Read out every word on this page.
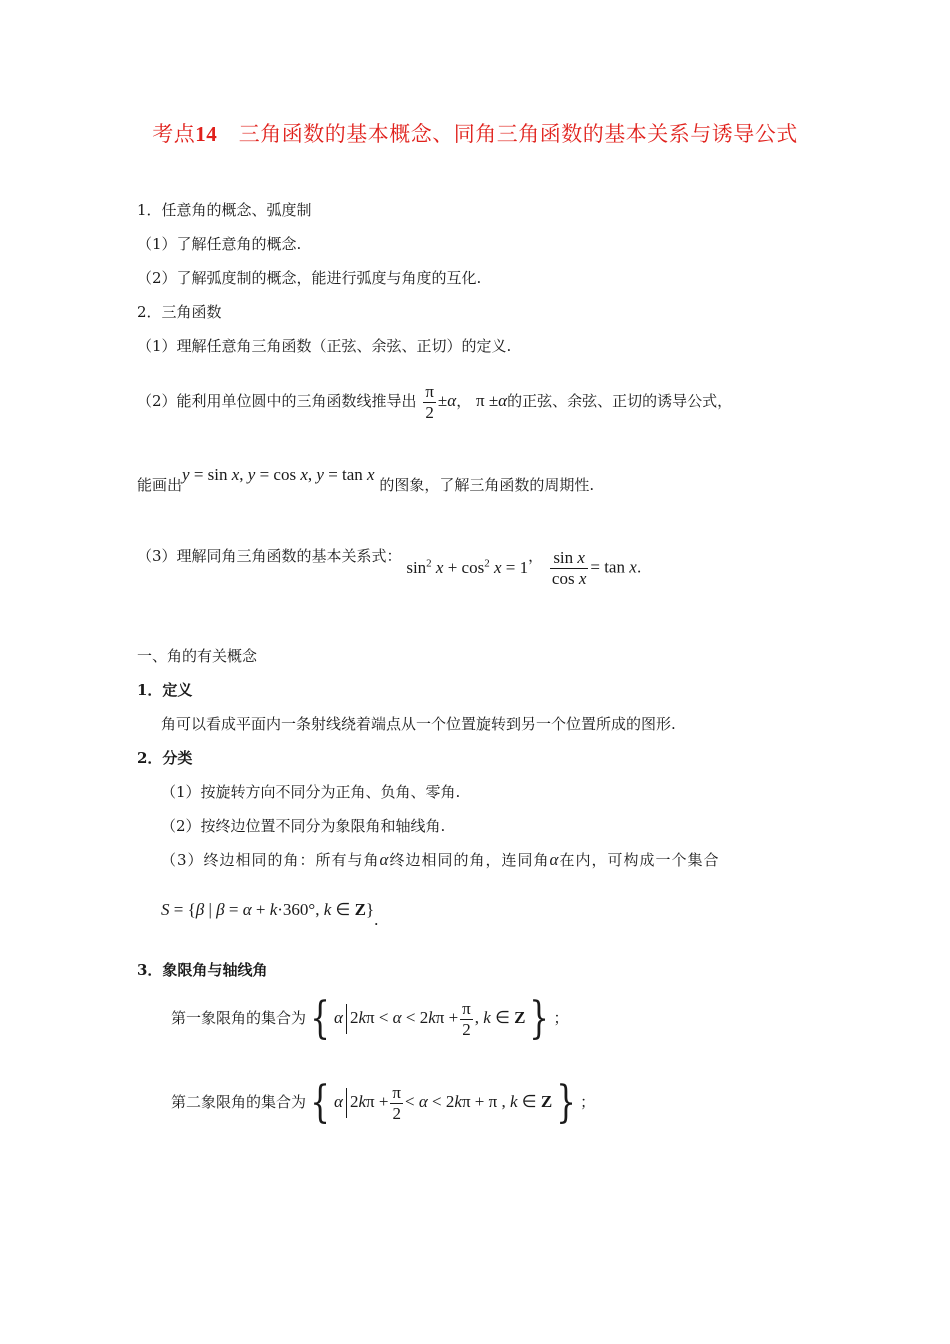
考点14 三角函数的基本概念、同角三角函数的基本关系与诱导公式
1．任意角的概念、弧度制
（1）了解任意角的概念.
（2）了解弧度制的概念，能进行弧度与角度的互化.
2．三角函数
（1）理解任意角三角函数（正弦、余弦、正切）的定义.
（2）能利用单位圆中的三角函数线推导出 $\frac{\pi}{2} \pm\alpha$， π ±α的正弦、余弦、正切的诱导公式，
能画出y = sin x, y = cos x, y = tan x 的图象，了解三角函数的周期性.
（3）理解同角三角函数的基本关系式： $\sin^2 x + \cos^2 x = 1$， $\frac{\text{sin x}}{\text{cos x}} = \tan x$.
一、角的有关概念
1．定义
角可以看成平面内一条射线绕着端点从一个位置旋转到另一个位置所成的图形.
2．分类
（1）按旋转方向不同分为正角、负角、零角.
（2）按终边位置不同分为象限角和轴线角.
（3）终边相同的角：所有与角α终边相同的角，连同角α在内，可构成一个集合
S = {β | β = α + k·360°, k ∈ Z}.
3．象限角与轴线角
第一象限角的集合为{ α $2k\pi < \alpha < 2k\pi + \frac{\pi}{2}$ , k ∈ Z} ；
第二象限角的集合为{ α $2k\pi + \frac{\pi}{2} < \alpha < 2k\pi + \pi$ , k ∈ Z} ；
